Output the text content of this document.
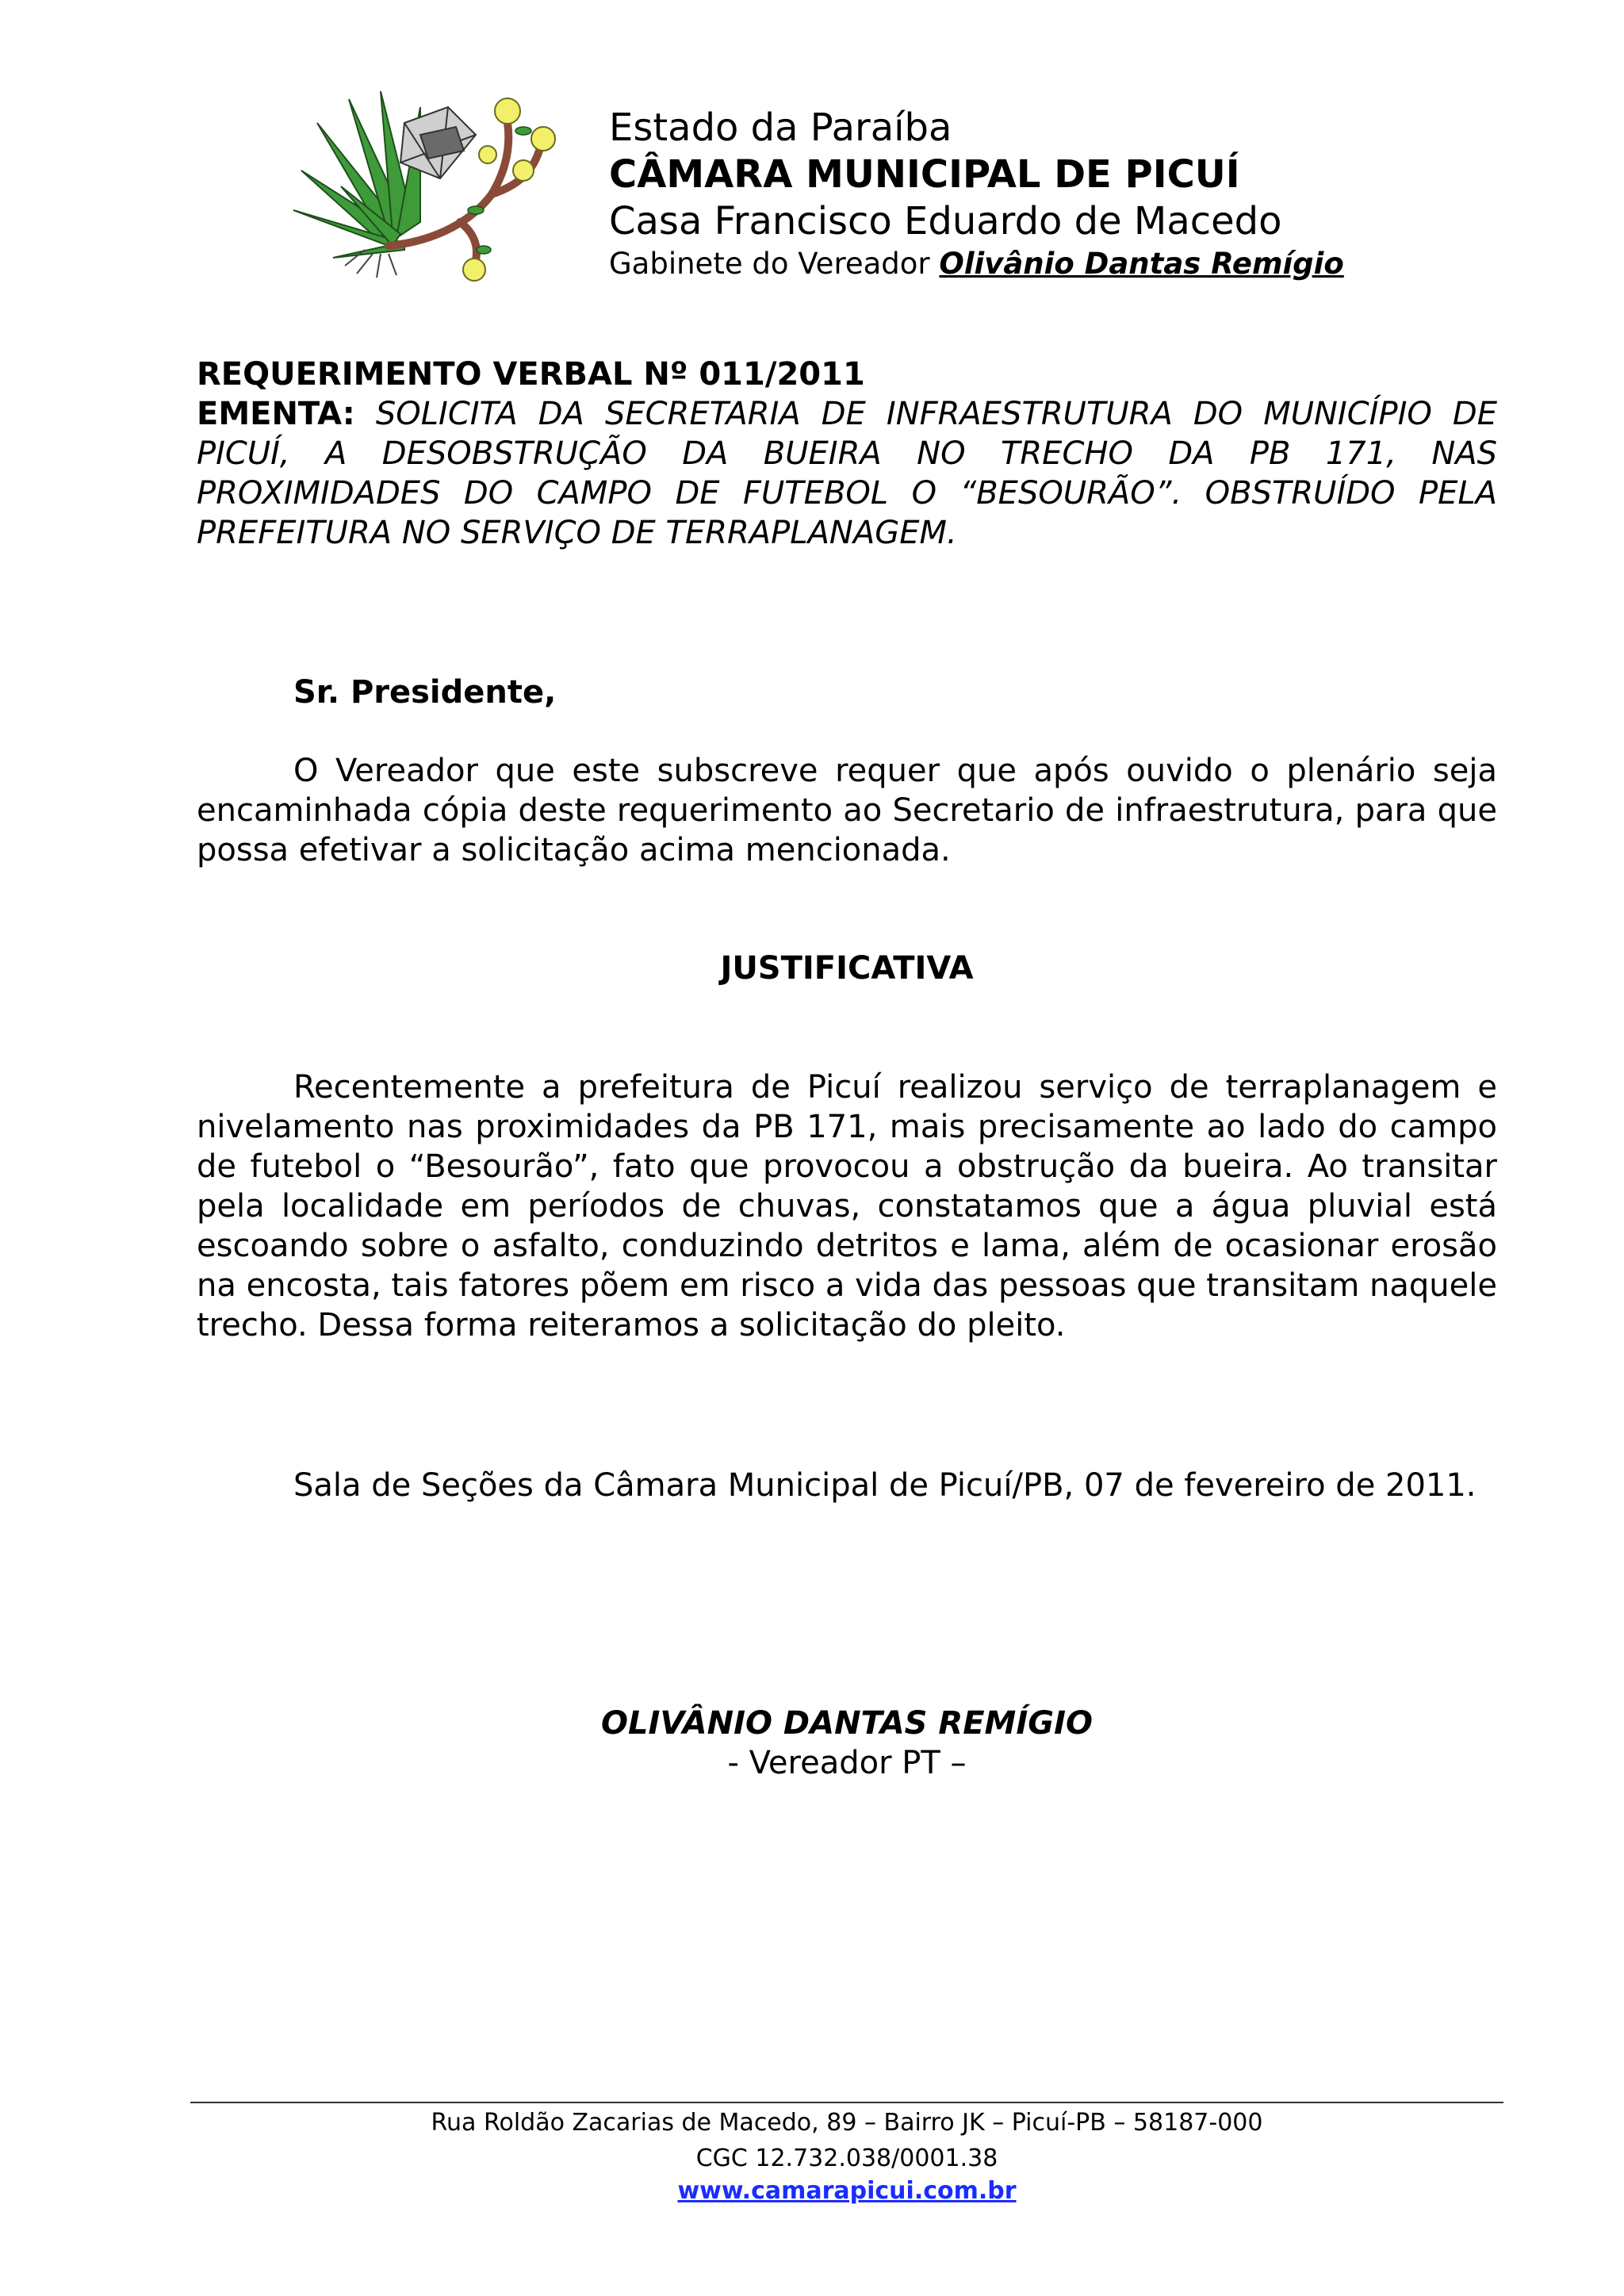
Estado da Paraíba

CÂMARA MUNICIPAL DE PICUÍ

Casa Francisco Eduardo de Macedo

Gabinete do Vereador Olivânio Dantas Remígio

REQUERIMENTO VERBAL Nº 011/2011
EMENTA: SOLICITA DA SECRETARIA DE INFRAESTRUTURA DO MUNICÍPIO DE PICUÍ, A DESOBSTRUÇÃO DA BUEIRA NO TRECHO DA PB 171, NAS PROXIMIDADES DO CAMPO DE FUTEBOL O “BESOURÃO”. OBSTRUÍDO PELA PREFEITURA NO SERVIÇO DE TERRAPLANAGEM.
Sr. Presidente,
O Vereador que este subscreve requer que após ouvido o plenário seja encaminhada cópia deste requerimento ao Secretario de infraestrutura, para que possa efetivar a solicitação acima mencionada.
JUSTIFICATIVA
Recentemente a prefeitura de Picuí realizou serviço de terraplanagem e nivelamento nas proximidades da PB 171, mais precisamente ao lado do campo de futebol o “Besourão”, fato que provocou a obstrução da bueira. Ao transitar pela localidade em períodos de chuvas, constatamos que a água pluvial está escoando sobre o asfalto, conduzindo detritos e lama, além de ocasionar erosão na encosta, tais fatores põem em risco a vida das pessoas que transitam naquele trecho. Dessa forma reiteramos a solicitação do pleito.
Sala de Seções da Câmara Municipal de Picuí/PB, 07 de fevereiro de 2011.
OLIVÂNIO DANTAS REMÍGIO
- Vereador PT –
Rua Roldão Zacarias de Macedo, 89 – Bairro JK – Picuí-PB – 58187-000
CGC 12.732.038/0001.38
www.camarapicui.com.br
